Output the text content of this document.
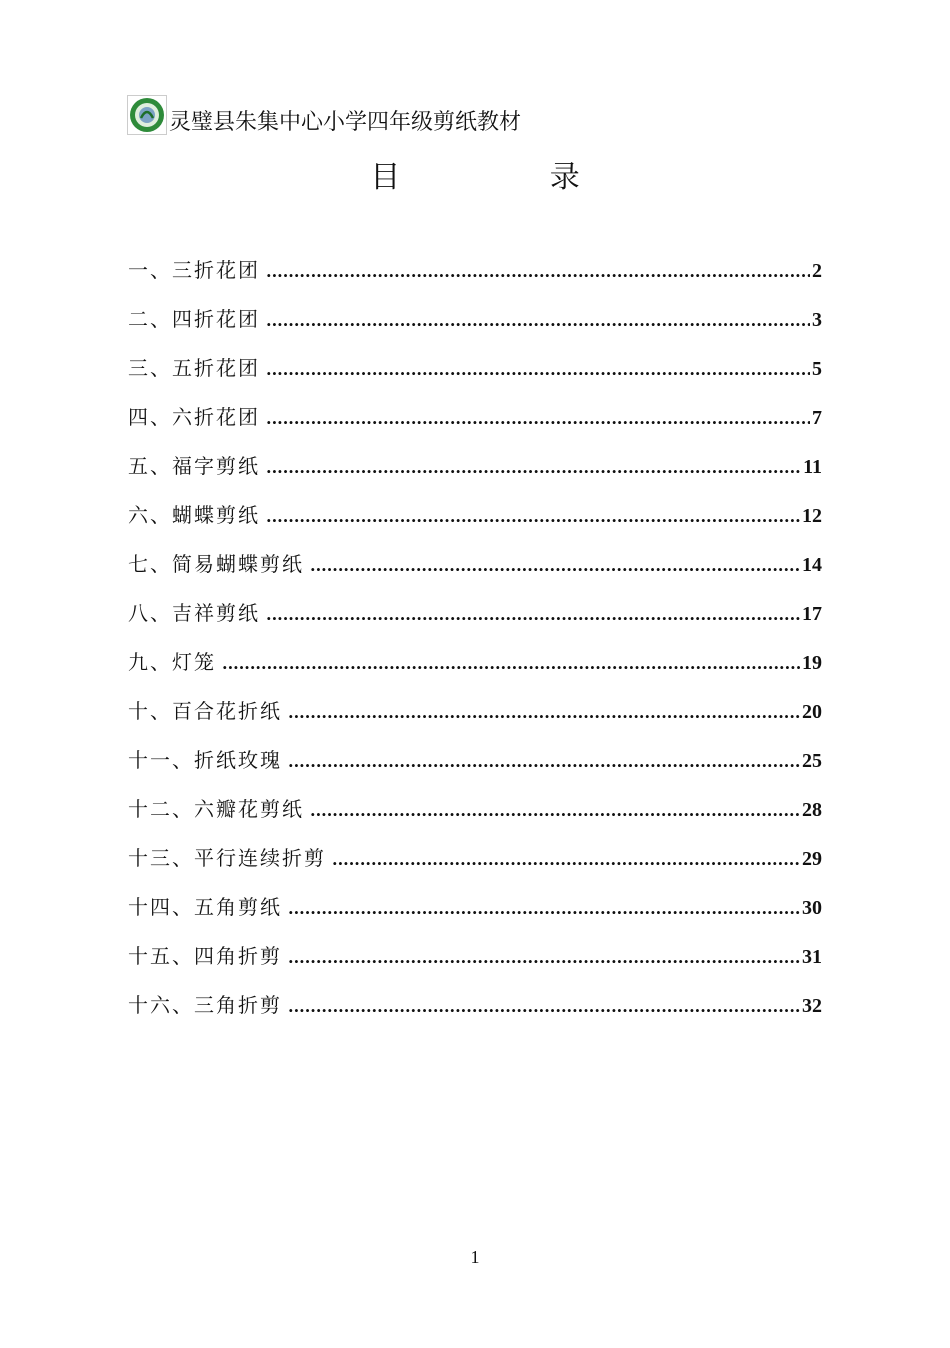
灵璧县朱集中心小学四年级剪纸教材
目 录
一、三折花团 .....	2
二、四折花团 .....	3
三、五折花团 .....	5
四、六折花团 .....	7
五、福字剪纸 .....	11
六、蝴蝶剪纸 .....	12
七、简易蝴蝶剪纸 .....	14
八、吉祥剪纸 .....	17
九、灯笼 .....	19
十、百合花折纸 .....	20
十一、折纸玫瑰 .....	25
十二、六瓣花剪纸 .....	28
十三、平行连续折剪 .....	29
十四、五角剪纸 .....	30
十五、四角折剪 .....	31
十六、三角折剪 .....	32
1
